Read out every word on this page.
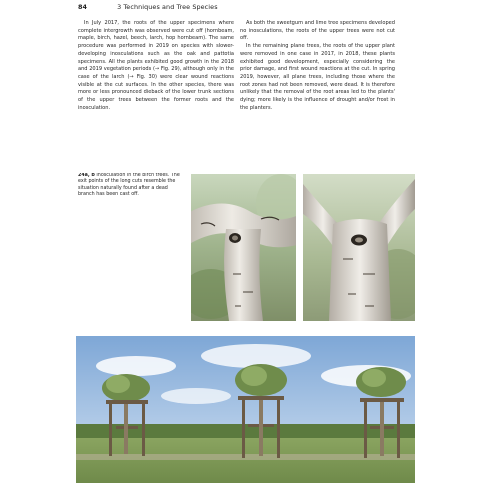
84	3 Techniques and Tree Species

In July 2017, the roots of the upper specimens where complete intergrowth was observed were cut off (hornbeam, maple, birch, hazel, beech, larch, hop hornbeam). The same procedure was performed in 2019 on species with slower-developing inosculations such as the oak and pattotia specimens. All the plants exhibited good growth in the 2018 and 2019 vegetation periods (→ Fig. 29), although only in the case of the larch (→ Fig. 30) were clear wound reactions visible at the cut surfaces. In the other species, there was more or less pronounced dieback of the lower trunk sections of the upper trees between the former roots and the inosculation.

As both the sweetgum and lime tree specimens developed no inosculations, the roots of the upper trees were not cut off.

In the remaining plane trees, the roots of the upper plant were removed in one case in 2017, in 2018, these plants exhibited good development, especially considering the prior damage, and first wound reactions at the cut. In spring 2019, however, all plane trees, including those where the root zones had not been removed, were dead. It is therefore unlikely that the removal of the root areas led to the plants' dying; more likely is the influence of drought and/or frost in the planters.

24a, b Inosculation in the birch trees. The exit points of the long cuts resemble the situation naturally found after a dead branch has been cast off.
